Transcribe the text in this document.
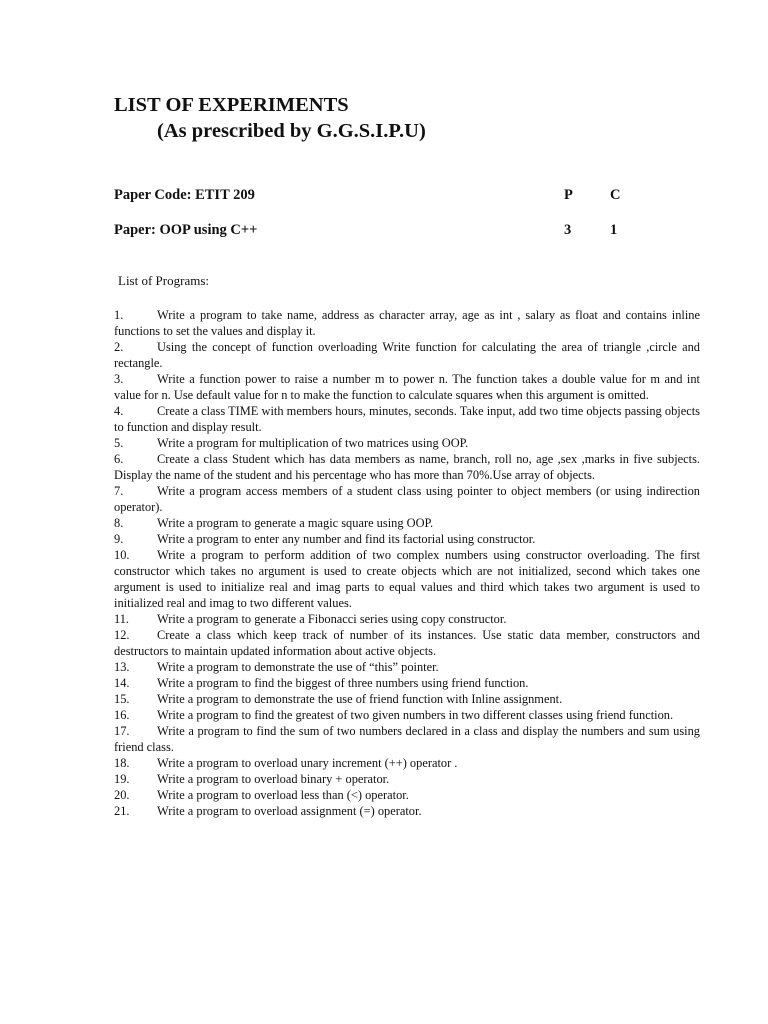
LIST OF EXPERIMENTS
(As prescribed by G.G.S.I.P.U)
Paper Code: ETIT 209	P	C
Paper: OOP using C++	3	1
List of Programs:
1.	Write a program to take name, address as character array, age as int , salary as float and contains inline functions to set the values and display it.
2.	Using the concept of function overloading Write function for calculating the area of triangle ,circle and rectangle.
3.	Write a function power to raise a number m to power n. The function takes a double value for m and int value for n. Use default value for n to make the function to calculate squares when this argument is omitted.
4.	Create a class TIME with members hours, minutes, seconds. Take input, add two time objects passing objects to function and display result.
5.	Write a program for multiplication of two matrices using OOP.
6.	Create a class Student which has data members as name, branch, roll no, age ,sex ,marks in five subjects. Display the name of the student and his percentage who has more than 70%.Use array of objects.
7.	Write a program access members of a student class using pointer to object members (or using indirection operator).
8.	Write a program to generate a magic square using OOP.
9.	Write a program to enter any number and find its factorial using constructor.
10. Write a program to perform addition of two complex numbers using constructor overloading. The first constructor which takes no argument is used to create objects which are not initialized, second which takes one argument is used to initialize real and imag parts to equal values and third which takes two argument is used to initialized real and imag to two different values.
11. Write a program to generate a Fibonacci series using copy constructor.
12. Create a class which keep track of number of its instances. Use static data member, constructors and destructors to maintain updated information about active objects.
13. Write a program to demonstrate the use of “this” pointer.
14. Write a program to find the biggest of three numbers using friend function.
15. Write a program to demonstrate the use of friend function with Inline assignment.
16. Write a program to find the greatest of two given numbers in two different classes using friend function.
17. Write a program to find the sum of two numbers declared in a class and display the numbers and sum using friend class.
18. Write a program to overload unary increment (++) operator .
19. Write a program to overload binary + operator.
20. Write a program to overload less than (<) operator.
21. Write a program to overload assignment (=) operator.
